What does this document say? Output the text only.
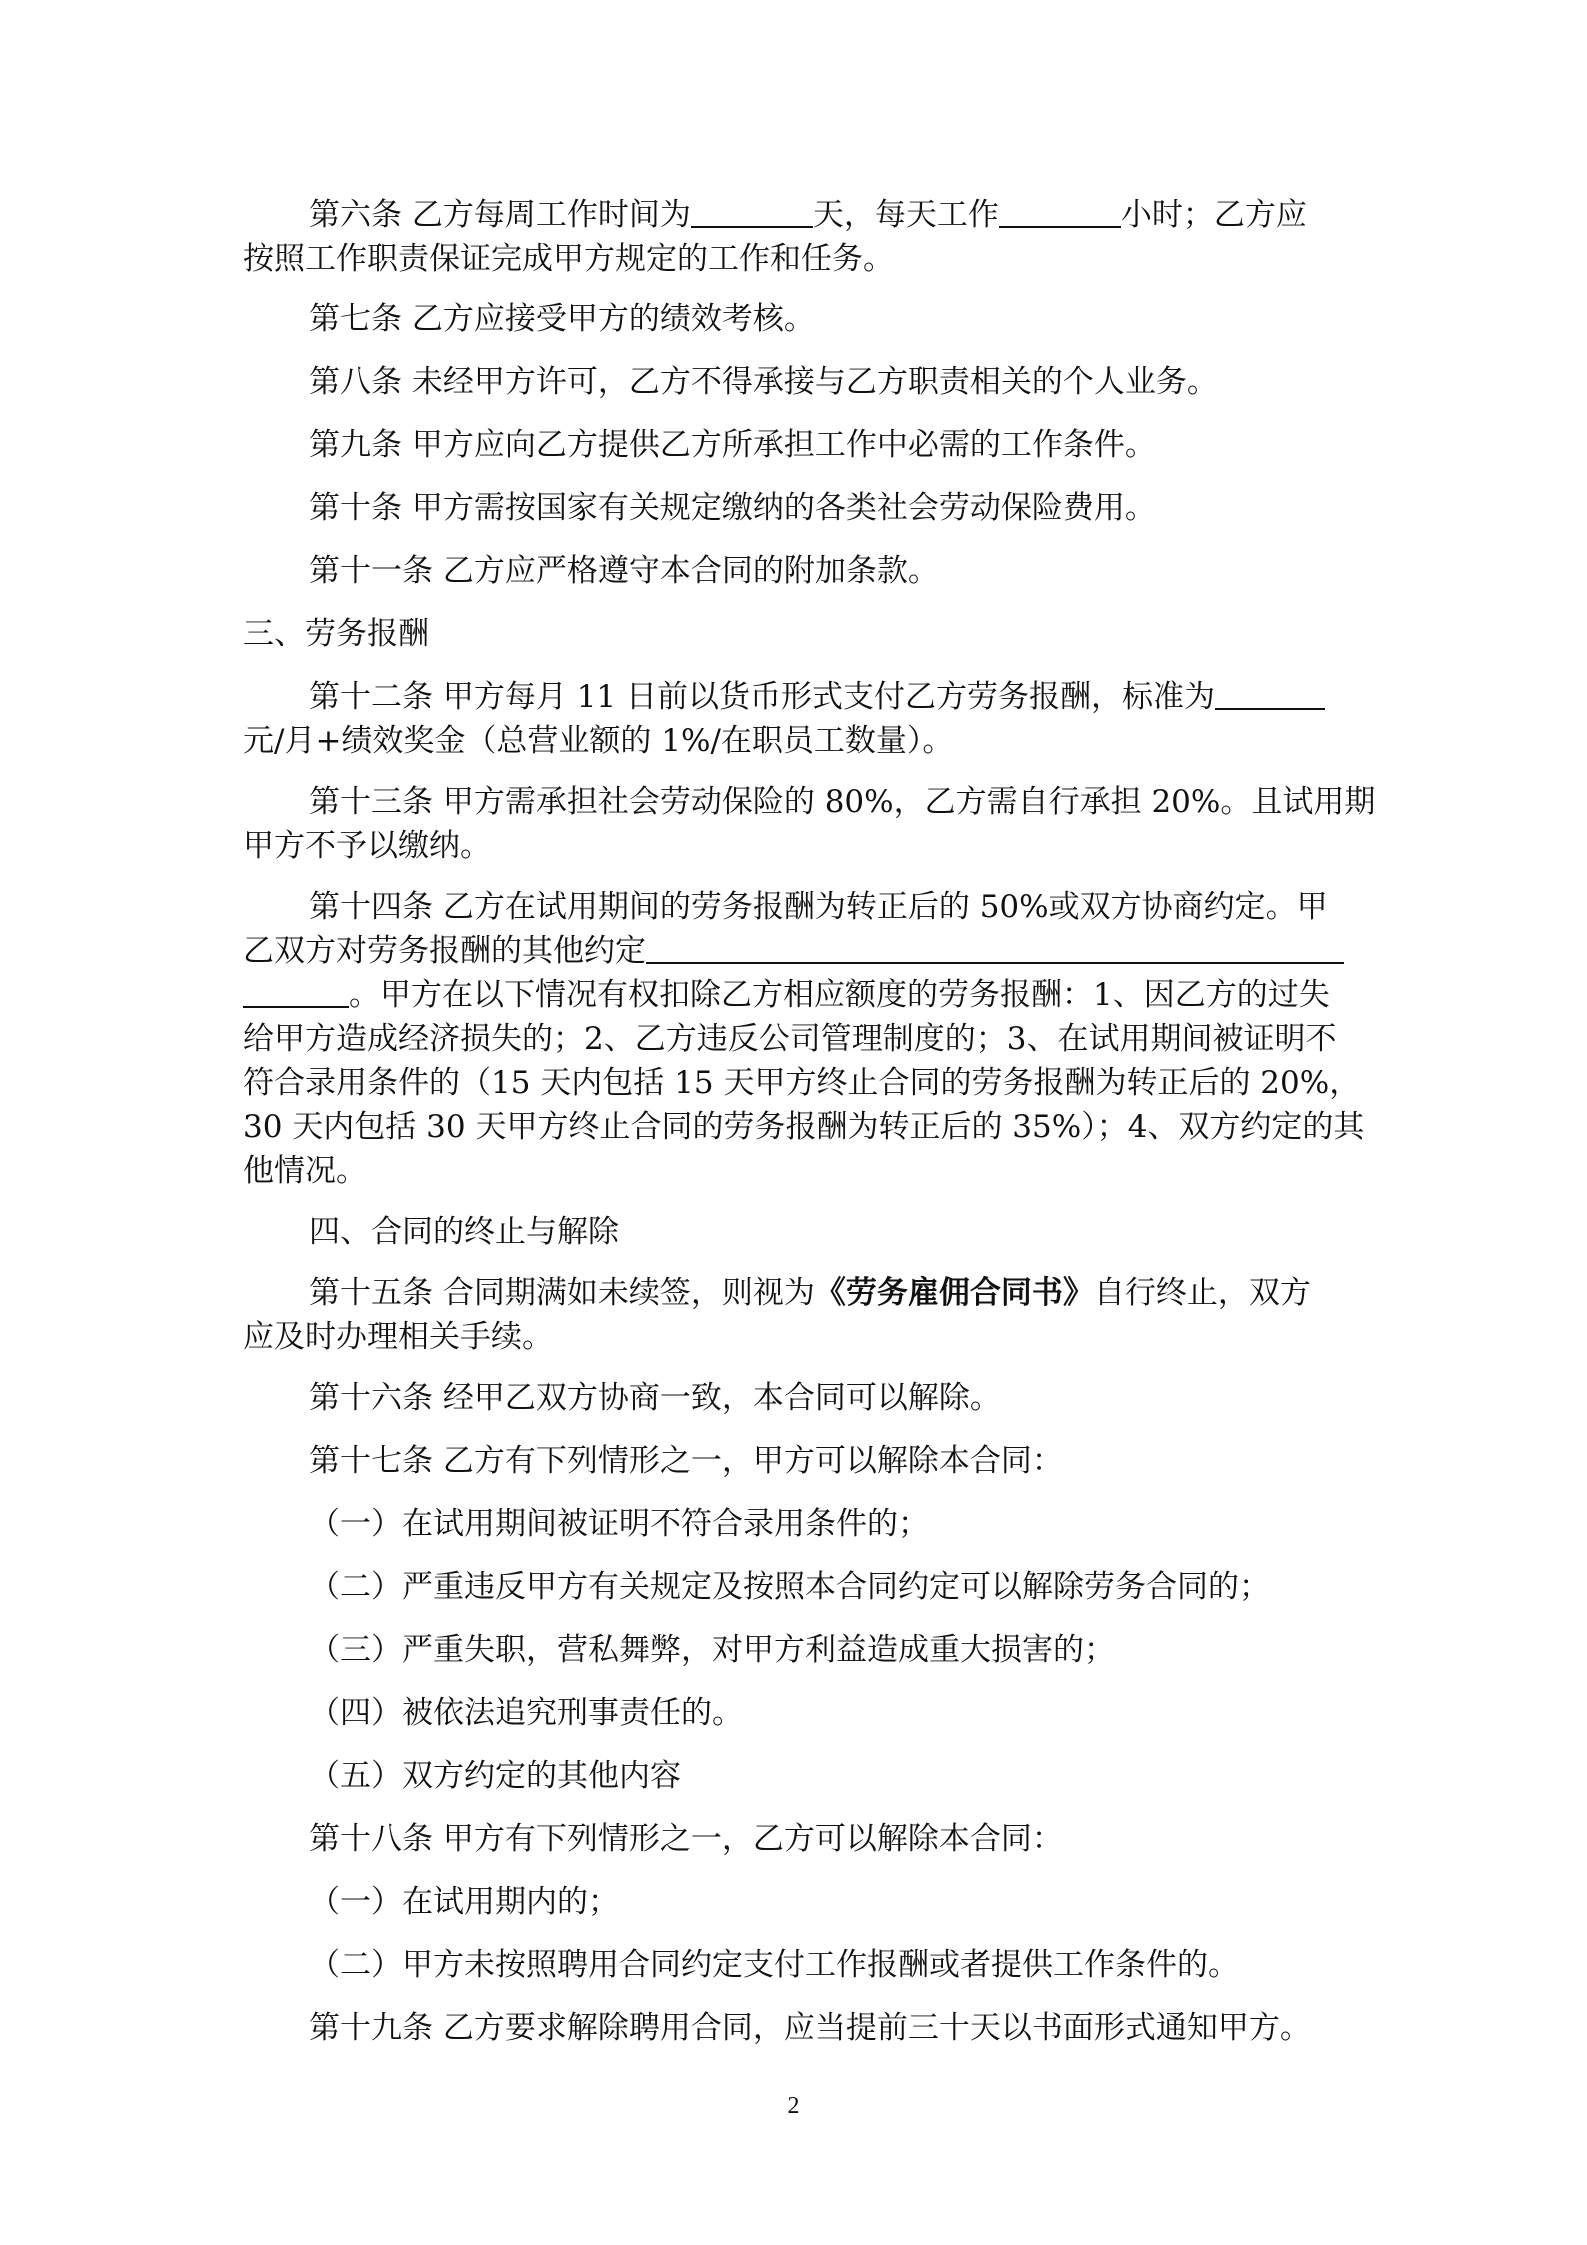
第六条 乙方每周工作时间为	天，每天工作	小时；乙方应
按照工作职责保证完成甲方规定的工作和任务。
第七条 乙方应接受甲方的绩效考核。
第八条 未经甲方许可，乙方不得承接与乙方职责相关的个人业务。
第九条 甲方应向乙方提供乙方所承担工作中必需的工作条件。
第十条 甲方需按国家有关规定缴纳的各类社会劳动保险费用。
第十一条 乙方应严格遵守本合同的附加条款。
三、劳务报酬
第十二条 甲方每月 11 日前以货币形式支付乙方劳务报酬，标准为
元/月+绩效奖金（总营业额的 1%/在职员工数量）。
第十三条 甲方需承担社会劳动保险的 80%，乙方需自行承担 20%。且试用期
甲方不予以缴纳。
第十四条 乙方在试用期间的劳务报酬为转正后的 50%或双方协商约定。甲
乙双方对劳务报酬的其他约定
。甲方在以下情况有权扣除乙方相应额度的劳务报酬：1、因乙方的过失
给甲方造成经济损失的；2、乙方违反公司管理制度的；3、在试用期间被证明不
符合录用条件的（15 天内包括 15 天甲方终止合同的劳务报酬为转正后的 20%，
30 天内包括 30 天甲方终止合同的劳务报酬为转正后的 35%）；4、双方约定的其
他情况。
四、合同的终止与解除
第十五条 合同期满如未续签，则视为《劳务雇佣合同书》自行终止，双方
应及时办理相关手续。
第十六条 经甲乙双方协商一致，本合同可以解除。
第十七条 乙方有下列情形之一，甲方可以解除本合同：
（一）在试用期间被证明不符合录用条件的；
（二）严重违反甲方有关规定及按照本合同约定可以解除劳务合同的；
（三）严重失职，营私舞弊，对甲方利益造成重大损害的；
（四）被依法追究刑事责任的。
（五）双方约定的其他内容
第十八条 甲方有下列情形之一，乙方可以解除本合同：
（一）在试用期内的；
（二）甲方未按照聘用合同约定支付工作报酬或者提供工作条件的。
第十九条 乙方要求解除聘用合同，应当提前三十天以书面形式通知甲方。
2
